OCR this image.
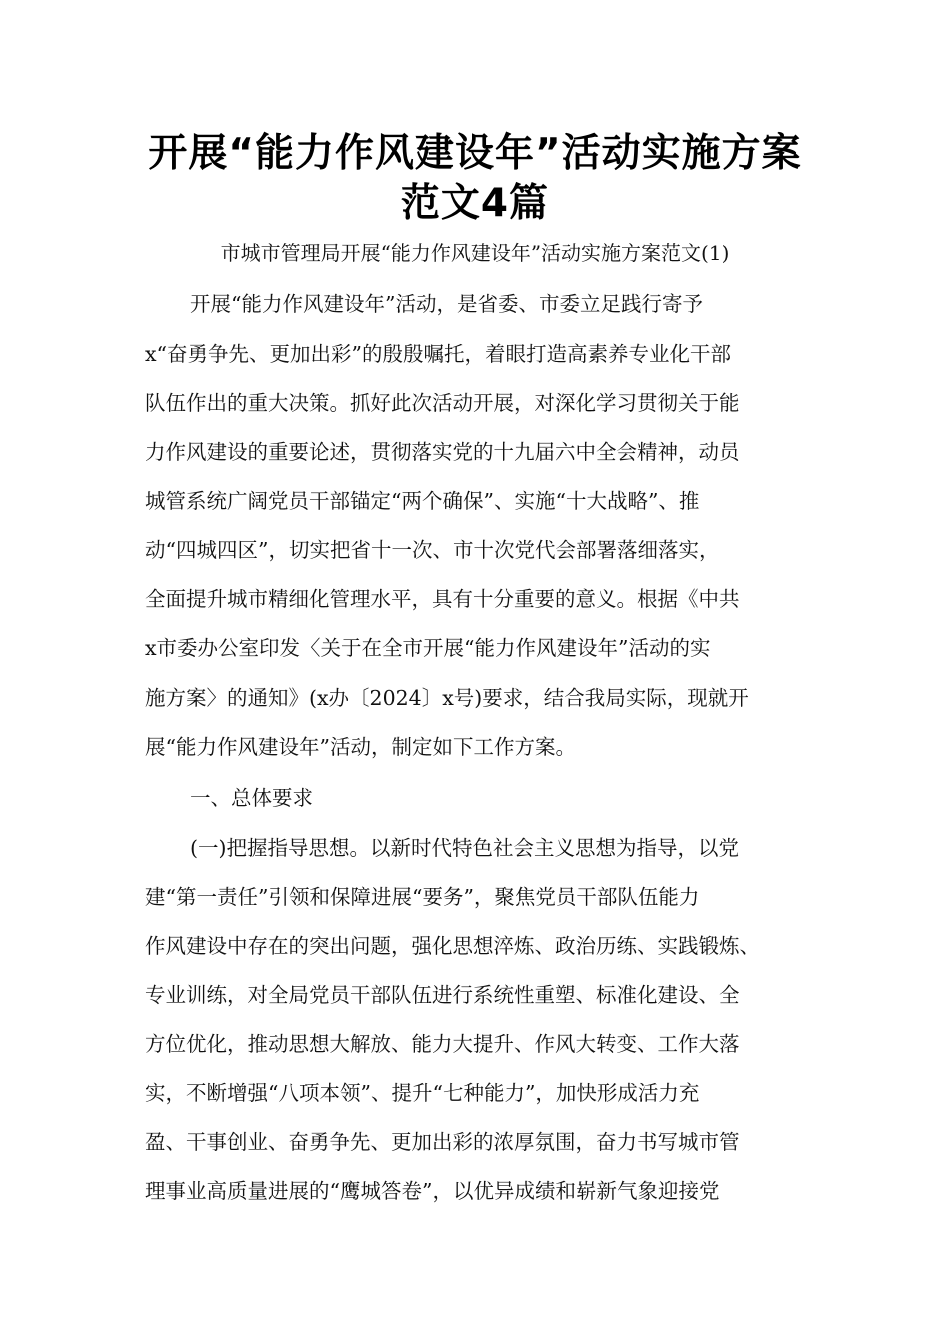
开展“能力作风建设年”活动实施方案
范文4篇
市城市管理局开展“能力作风建设年”活动实施方案范文(1)
开展“能力作风建设年”活动，是省委、市委立足践行寄予
x“奋勇争先、更加出彩”的殷殷嘱托，着眼打造高素养专业化干部
队伍作出的重大决策。抓好此次活动开展，对深化学习贯彻关于能
力作风建设的重要论述，贯彻落实党的十九届六中全会精神，动员
城管系统广阔党员干部锚定“两个确保”、实施“十大战略”、推
动“四城四区”，切实把省十一次、市十次党代会部署落细落实，
全面提升城市精细化管理水平，具有十分重要的意义。根据《中共
x市委办公室印发〈关于在全市开展“能力作风建设年”活动的实
施方案〉的通知》(x办〔2024〕x号)要求，结合我局实际，现就开
展“能力作风建设年”活动，制定如下工作方案。
一、总体要求
(一)把握指导思想。以新时代特色社会主义思想为指导，以党
建“第一责任”引领和保障进展“要务”，聚焦党员干部队伍能力
作风建设中存在的突出问题，强化思想淬炼、政治历练、实践锻炼、
专业训练，对全局党员干部队伍进行系统性重塑、标准化建设、全
方位优化，推动思想大解放、能力大提升、作风大转变、工作大落
实，不断增强“八项本领”、提升“七种能力”，加快形成活力充
盈、干事创业、奋勇争先、更加出彩的浓厚氛围，奋力书写城市管
理事业高质量进展的“鹰城答卷”，以优异成绩和崭新气象迎接党
